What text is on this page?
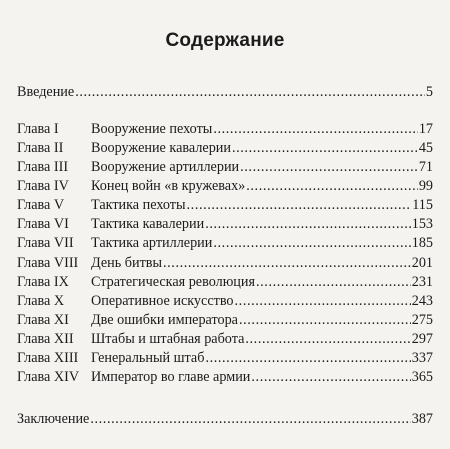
Содержание
Введение .....	5
Глава I	Вооружение пехоты .....	17
Глава II	Вооружение кавалерии .....	45
Глава III	Вооружение артиллерии .....	71
Глава IV	Конец войн «в кружевах» .....	99
Глава V	Тактика пехоты .....	115
Глава VI	Тактика кавалерии .....	153
Глава VII	Тактика артиллерии .....	185
Глава VIII День битвы .....	201
Глава IX	Стратегическая революция .....	231
Глава X	Оперативное искусство .....	243
Глава XI	Две ошибки императора .....	275
Глава XII	Штабы и штабная работа .....	297
Глава XIII Генеральный штаб .....	337
Глава XIV Император во главе армии .....	365
Заключение .....	387
